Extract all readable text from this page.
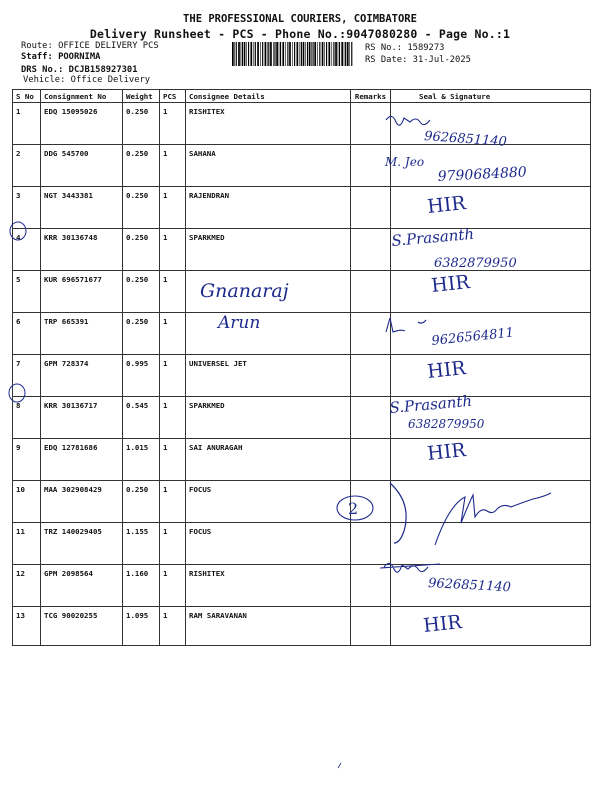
THE PROFESSIONAL COURIERS, COIMBATORE
Delivery Runsheet - PCS - Phone No.:9047080280 - Page No.:1
Route: OFFICE DELIVERY PCS
Staff: POORNIMA
DRS No.: DCJB158927301
Vehicle: Office Delivery
RS No.: 1589273
RS Date: 31-Jul-2025
S No	Consignment No	Weight	PCS	Consignee Details	Remarks	Seal & Signature
1	EDQ 15095026	0.250	1	RISHITEX		
2	DDG 545700	0.250	1	SAHANA		
3	NGT 3443381	0.250	1	RAJENDRAN		
4	KRR 30136748	0.250	1	SPARKMED		
5	KUR 696571677	0.250	1			
6	TRP 665391	0.250	1			
7	GPM 728374	0.995	1	UNIVERSEL JET		
8	KRR 30136717	0.545	1	SPARKMED		
9	EDQ 12781686	1.015	1	SAI ANURAGAH		
10	MAA 302908429	0.250	1	FOCUS		
11	TRZ 140029405	1.155	1	FOCUS		
12	GPM 2098564	1.160	1	RISHITEX		
13	TCG 90020255	1.095	1	RAM SARAVANAN		
9626851140
M. Jeo
9790684880
HIR
S.Prasanth
6382879950
HIR
Gnanaraj
Arun
9626564811
HIR
S.Prasanth
6382879950
HIR
2
9626851140
HIR
